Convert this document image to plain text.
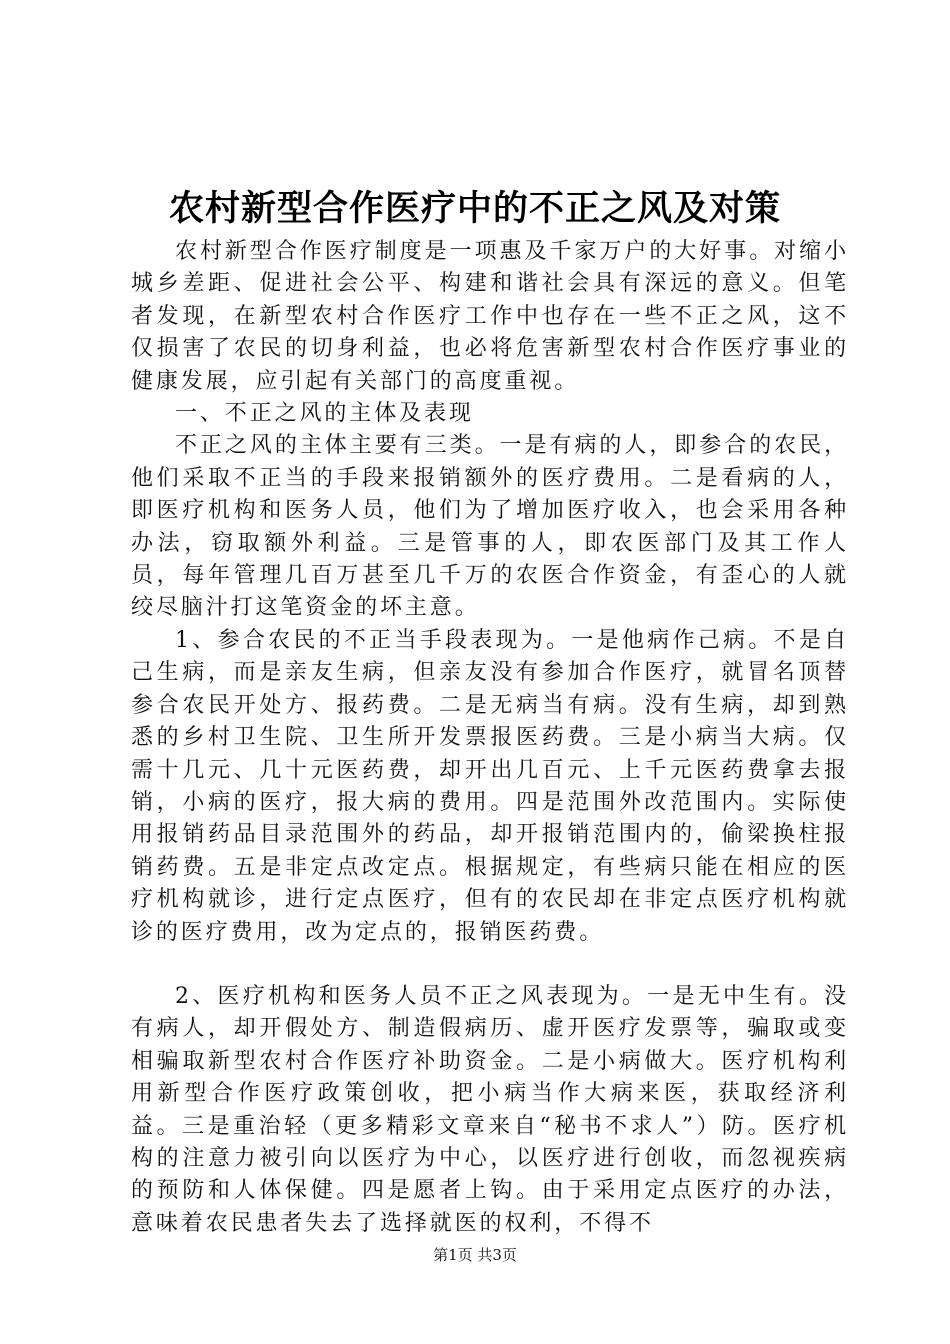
农村新型合作医疗中的不正之风及对策

农村新型合作医疗制度是一项惠及千家万户的大好事。对缩小城乡差距、促进社会公平、构建和谐社会具有深远的意义。但笔者发现，在新型农村合作医疗工作中也存在一些不正之风，这不仅损害了农民的切身利益，也必将危害新型农村合作医疗事业的健康发展，应引起有关部门的高度重视。

一、不正之风的主体及表现

不正之风的主体主要有三类。一是有病的人，即参合的农民，他们采取不正当的手段来报销额外的医疗费用。二是看病的人，即医疗机构和医务人员，他们为了增加医疗收入，也会采用各种办法，窃取额外利益。三是管事的人，即农医部门及其工作人员，每年管理几百万甚至几千万的农医合作资金，有歪心的人就绞尽脑汁打这笔资金的坏主意。

1、参合农民的不正当手段表现为。一是他病作己病。不是自己生病，而是亲友生病，但亲友没有参加合作医疗，就冒名顶替参合农民开处方、报药费。二是无病当有病。没有生病，却到熟悉的乡村卫生院、卫生所开发票报医药费。三是小病当大病。仅需十几元、几十元医药费，却开出几百元、上千元医药费拿去报销，小病的医疗，报大病的费用。四是范围外改范围内。实际使用报销药品目录范围外的药品，却开报销范围内的，偷梁换柱报销药费。五是非定点改定点。根据规定，有些病只能在相应的医疗机构就诊，进行定点医疗，但有的农民却在非定点医疗机构就诊的医疗费用，改为定点的，报销医药费。

2、医疗机构和医务人员不正之风表现为。一是无中生有。没有病人，却开假处方、制造假病历、虚开医疗发票等，骗取或变相骗取新型农村合作医疗补助资金。二是小病做大。医疗机构利用新型合作医疗政策创收，把小病当作大病来医，获取经济利益。三是重治轻（更多精彩文章来自“秘书不求人”）防。医疗机构的注意力被引向以医疗为中心，以医疗进行创收，而忽视疾病的预防和人体保健。四是愿者上钩。由于采用定点医疗的办法，意味着农民患者失去了选择就医的权利，不得不

第1页 共3页
